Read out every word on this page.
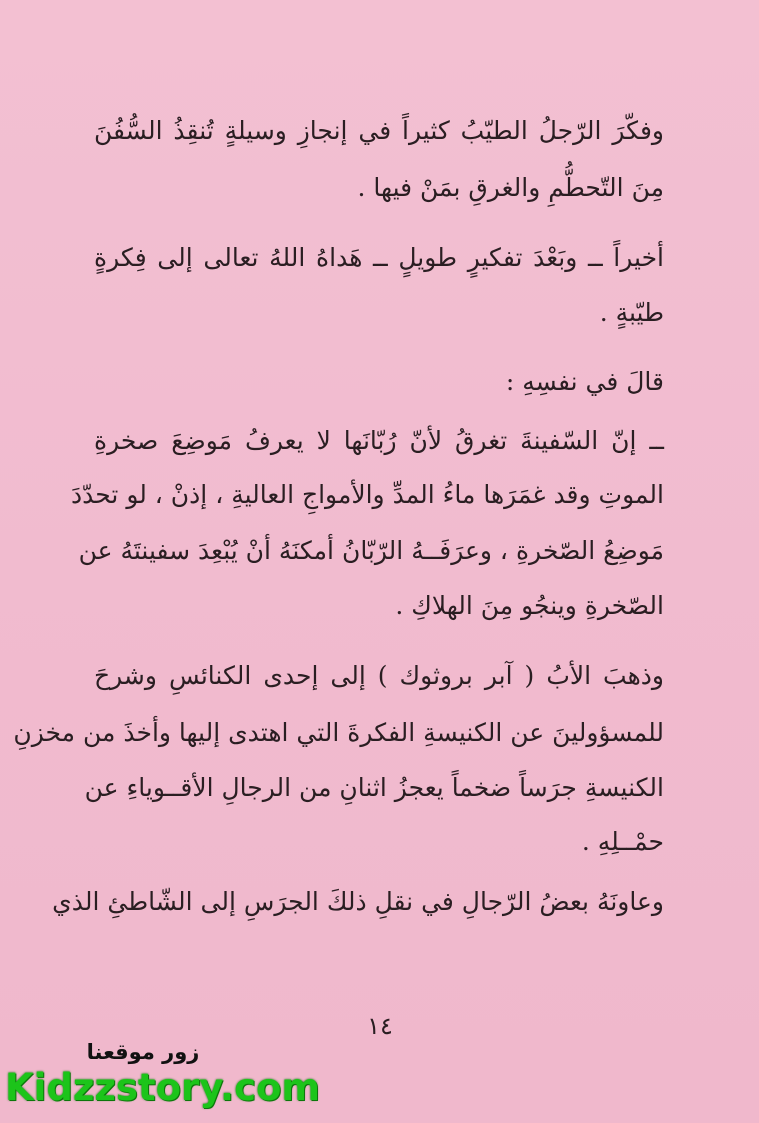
وفكّرَ الرّجلُ الطيّبُ كثيراً في إنجازِ وسيلةٍ تُنقِذُ السُّفُنَ
مِنَ التّحطُّمِ والغرقِ بمَنْ فيها .
أخيراً ــ وبَعْدَ تفكيرٍ طويلٍ ــ هَداهُ اللهُ تعالى إلى فِكرةٍ
طيّبةٍ .
قالَ في نفسِهِ :
ــ إنّ السّفينةَ تغرقُ لأنّ رُبّانَها لا يعرفُ مَوضِعَ صخرةِ
الموتِ وقد غمَرَها ماءُ المدِّ والأمواجِ العاليةِ ، إذنْ ، لو تحدّدَ
مَوضِعُ الصّخرةِ ، وعرَفَــهُ الرّبّانُ أمكنَهُ أنْ يُبْعِدَ سفينتَهُ عن
الصّخرةِ وينجُو مِنَ الهلاكِ .
وذهبَ الأبُ ( آبر بروثوك ) إلى إحدى الكنائسِ وشرحَ
للمسؤولينَ عن الكنيسةِ الفكرةَ التي اهتدى إليها وأخذَ من مخزنِ
الكنيسةِ جرَساً ضخماً يعجزُ اثنانِ من الرجالِ الأقــوياءِ عن
حمْــلِهِ .
وعاونَهُ بعضُ الرّجالِ في نقلِ ذلكَ الجرَسِ إلى الشّاطئِ الذي
١٤
زور موقعنا
Kidzzstory.com
